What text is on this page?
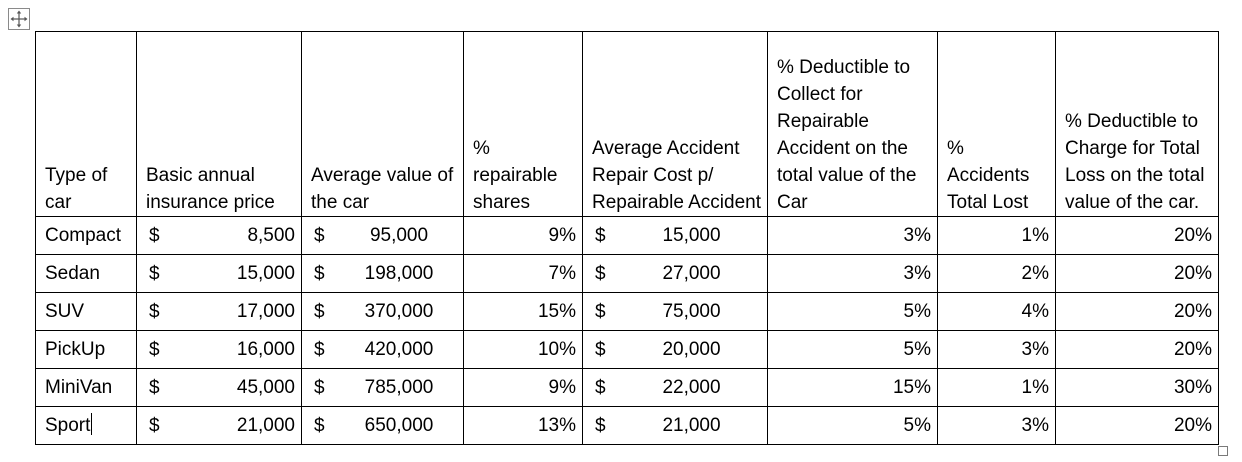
Type of car	Basic annual insurance price	Average value of the car	% repairable shares	Average Accident Repair Cost p/ Repairable Accident	% Deductible to Collect for Repairable Accident on the total value of the Car	% Accidents Total Lost	% Deductible to Charge for Total Loss on the total value of the car.
Compact	$ 8,500	$ 95,000	9%	$ 15,000	3%	1%	20%
Sedan	$ 15,000	$ 198,000	7%	$ 27,000	3%	2%	20%
SUV	$ 17,000	$ 370,000	15%	$ 75,000	5%	4%	20%
PickUp	$ 16,000	$ 420,000	10%	$ 20,000	5%	3%	20%
MiniVan	$ 45,000	$ 785,000	9%	$ 22,000	15%	1%	30%
Sport	$ 21,000	$ 650,000	13%	$ 21,000	5%	3%	20%
